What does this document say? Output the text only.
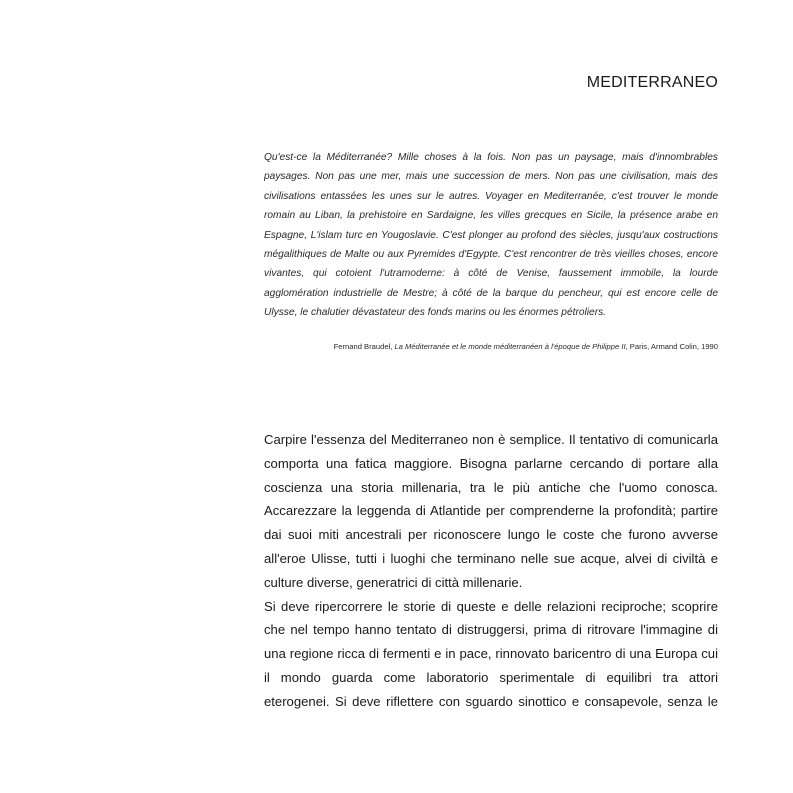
MEDITERRANEO
Qu'est-ce la Méditerranée? Mille choses à la fois. Non pas un paysage, mais d'innombrables
paysages. Non pas une mer, mais une succession de mers. Non pas une civilisation, mais des
civilisations entassées les unes sur le autres. Voyager en Mediterranée, c'est trouver le monde
romain au Liban, la prehistoire en Sardaigne, les villes grecques en Sicile, la présence arabe en
Espagne, L'islam turc en Yougoslavie. C'est plonger au profond des siècles, jusqu'aux costructions
mégalithiques de Malte ou aux Pyremides d'Egypte. C'est rencontrer de très vieilles choses, encore
vivantes, qui cotoient l'utramoderne: à côté de Venise, faussement immobile, la lourde
agglomération industrielle de Mestre; à côté de la barque du pencheur, qui est encore celle de
Ulysse, le chalutier dévastateur des fonds marins ou les énormes pétroliers.
Fernand Braudel, La Méditerranée et le monde méditerranéen à l'époque de Philippe II, Paris, Armand Colin, 1990
Carpire l'essenza del Mediterraneo non è semplice. Il tentativo di comunicarla
comporta una fatica maggiore. Bisogna parlarne cercando di portare alla
coscienza una storia millenaria, tra le più antiche che l'uomo conosca.
Accarezzare la leggenda di Atlantide per comprenderne la profondità; partire
dai suoi miti ancestrali per riconoscere lungo le coste che furono avverse
all'eroe Ulisse, tutti i luoghi che terminano nelle sue acque, alvei di civiltà e
culture diverse, generatrici di città millenarie.
Si deve ripercorrere le storie di queste e delle relazioni reciproche; scoprire
che nel tempo hanno tentato di distruggersi, prima di ritrovare l'immagine di
una regione ricca di fermenti e in pace, rinnovato baricentro di una Europa cui
il mondo guarda come laboratorio sperimentale di equilibri tra attori
eterogenei. Si deve riflettere con sguardo sinottico e consapevole, senza le
